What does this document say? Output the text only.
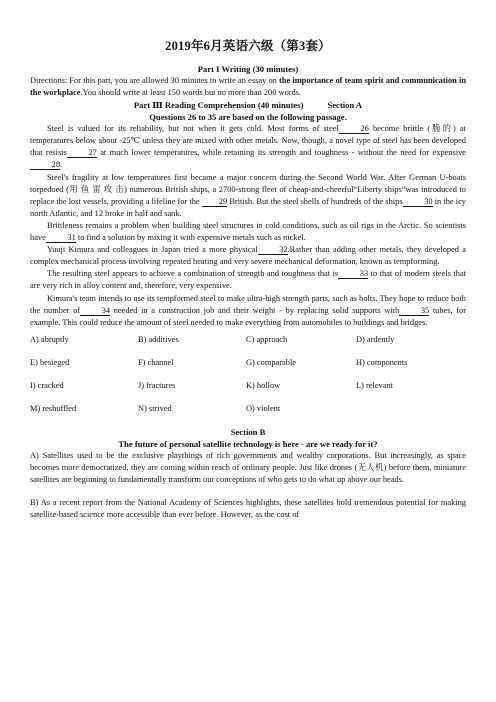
2019年6月英语六级（第3套）
Part I Writing (30 minutes)

Directions: For this part, you are allowed 30 minutes to write an essay on the importance of team spirit and communication in the workplace.You should write at least 150 words but no more than 200 words.

Part Ⅲ Reading Comprehension (40 minutes)	Section A
Questions 26 to 35 are based on the following passage.

Steel is valued for its reliability, but not when it gets cold. Most forms of steel	26 become brittle (脆的) at temperatures below about -25℃ unless they are mixed with other metals. Now, though, a novel type of steel has been developed that resists	27 at much lower temperatures, while retaining its strength and toughness - without the need for expensive28.

Steel's fragility at low temperatures first became a major concern during the Second World War. After German U-boats torpedoed (用 鱼 雷 攻 击) numerous British ships, a 2700-strong fleet of cheap-and-cheerful“Liberty ships”was introduced to replace the lost vessels, providing a lifeline for the 29 British. But the steel shells of hundreds of the ships	30 in the icy north Atlantic, and 12 broke in half and sank.

Brittleness remains a problem when building steel structures in cold conditions, such as oil rigs in the Arctic. So scientists have	31 to find a solution by mixing it with expensive metals such as nickel.

Yuuji Kimura and colleagues in Japan tried a more physical	32.Rather than adding other metals, they developed a complex mechanical process involving repeated heating and very severe mechanical deformation, known as tempforming.

The resulting steel appears to achieve a combination of strength and toughness that is	33 to that of modern steels that are very rich in alloy content and, therefore, very expensive.

Kimura's team intends to use its tempformed steel to make ultra-high strength parts, such as bolts. They hope to reduce both the number of	34 needed in a construction job and their weight - by replacing solid supports with	35 tubes, for example. This could reduce the amount of steel needed to make everything from automobiles to buildings and bridges.

A) abruptly	B) additives	C) approach	D) ardently
E) besieged	F) channel	G) comparable	H) components
I) cracked	J) fractures	K) hollow	L) relevant
M) reshuffled	N) strived	O) violent
Section B
The future of personal satellite technology is here - are we ready for it?

A) Satellites used to be the exclusive playthings of rich governments and wealthy corporations. But increasingly, as space becomes more democratized, they are coming within reach of ordinary people. Just like drones (无人机) before them, miniature satellites are beginning to fundamentally transform our conceptions of who gets to do what up above our heads.

B) As a recent report from the National Academy of Sciences highlights, these satellites hold tremendous potential for making satellite-based science more accessible than ever before. However, as the cost of
